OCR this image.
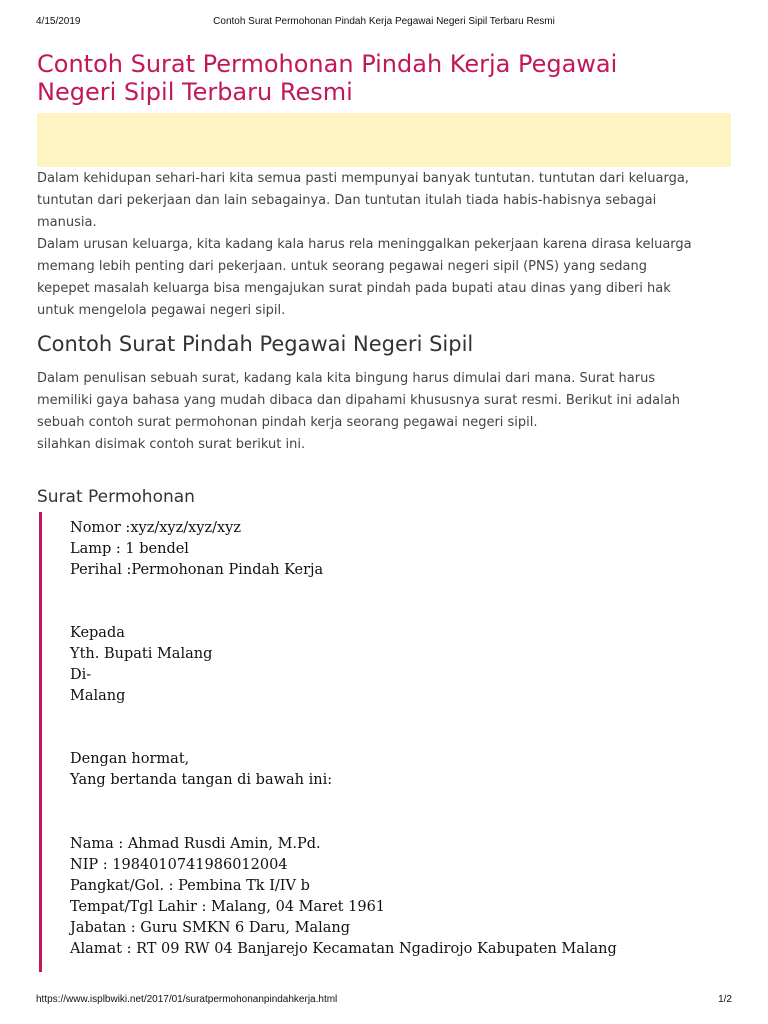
4/15/2019	Contoh Surat Permohonan Pindah Kerja Pegawai Negeri Sipil Terbaru Resmi
Contoh Surat Permohonan Pindah Kerja Pegawai
Negeri Sipil Terbaru Resmi

Dalam kehidupan sehari-hari kita semua pasti mempunyai banyak tuntutan. tuntutan dari keluarga,
tuntutan dari pekerjaan dan lain sebagainya. Dan tuntutan itulah tiada habis-habisnya sebagai
manusia.
Dalam urusan keluarga, kita kadang kala harus rela meninggalkan pekerjaan karena dirasa keluarga
memang lebih penting dari pekerjaan. untuk seorang pegawai negeri sipil (PNS) yang sedang
kepepet masalah keluarga bisa mengajukan surat pindah pada bupati atau dinas yang diberi hak
untuk mengelola pegawai negeri sipil.

Contoh Surat Pindah Pegawai Negeri Sipil

Dalam penulisan sebuah surat, kadang kala kita bingung harus dimulai dari mana. Surat harus
memiliki gaya bahasa yang mudah dibaca dan dipahami khususnya surat resmi. Berikut ini adalah
sebuah contoh surat permohonan pindah kerja seorang pegawai negeri sipil.
silahkan disimak contoh surat berikut ini.

Surat Permohonan
Nomor :xyz/xyz/xyz/xyz
Lamp : 1 bendel
Perihal :Permohonan Pindah Kerja
Kepada
Yth. Bupati Malang
Di-
Malang
Dengan hormat,
Yang bertanda tangan di bawah ini:
Nama : Ahmad Rusdi Amin, M.Pd.
NIP : 198401074198601200​4
Pangkat/Gol. : Pembina Tk I/IV b
Tempat/Tgl Lahir : Malang, 04 Maret 1961
Jabatan : Guru SMKN 6 Daru, Malang
Alamat : RT 09 RW 04 Banjarejo Kecamatan Ngadirojo Kabupaten Malang
https://www.isplbwiki.net/2017/01/suratpermohonanpindahkerja.html	1/2
